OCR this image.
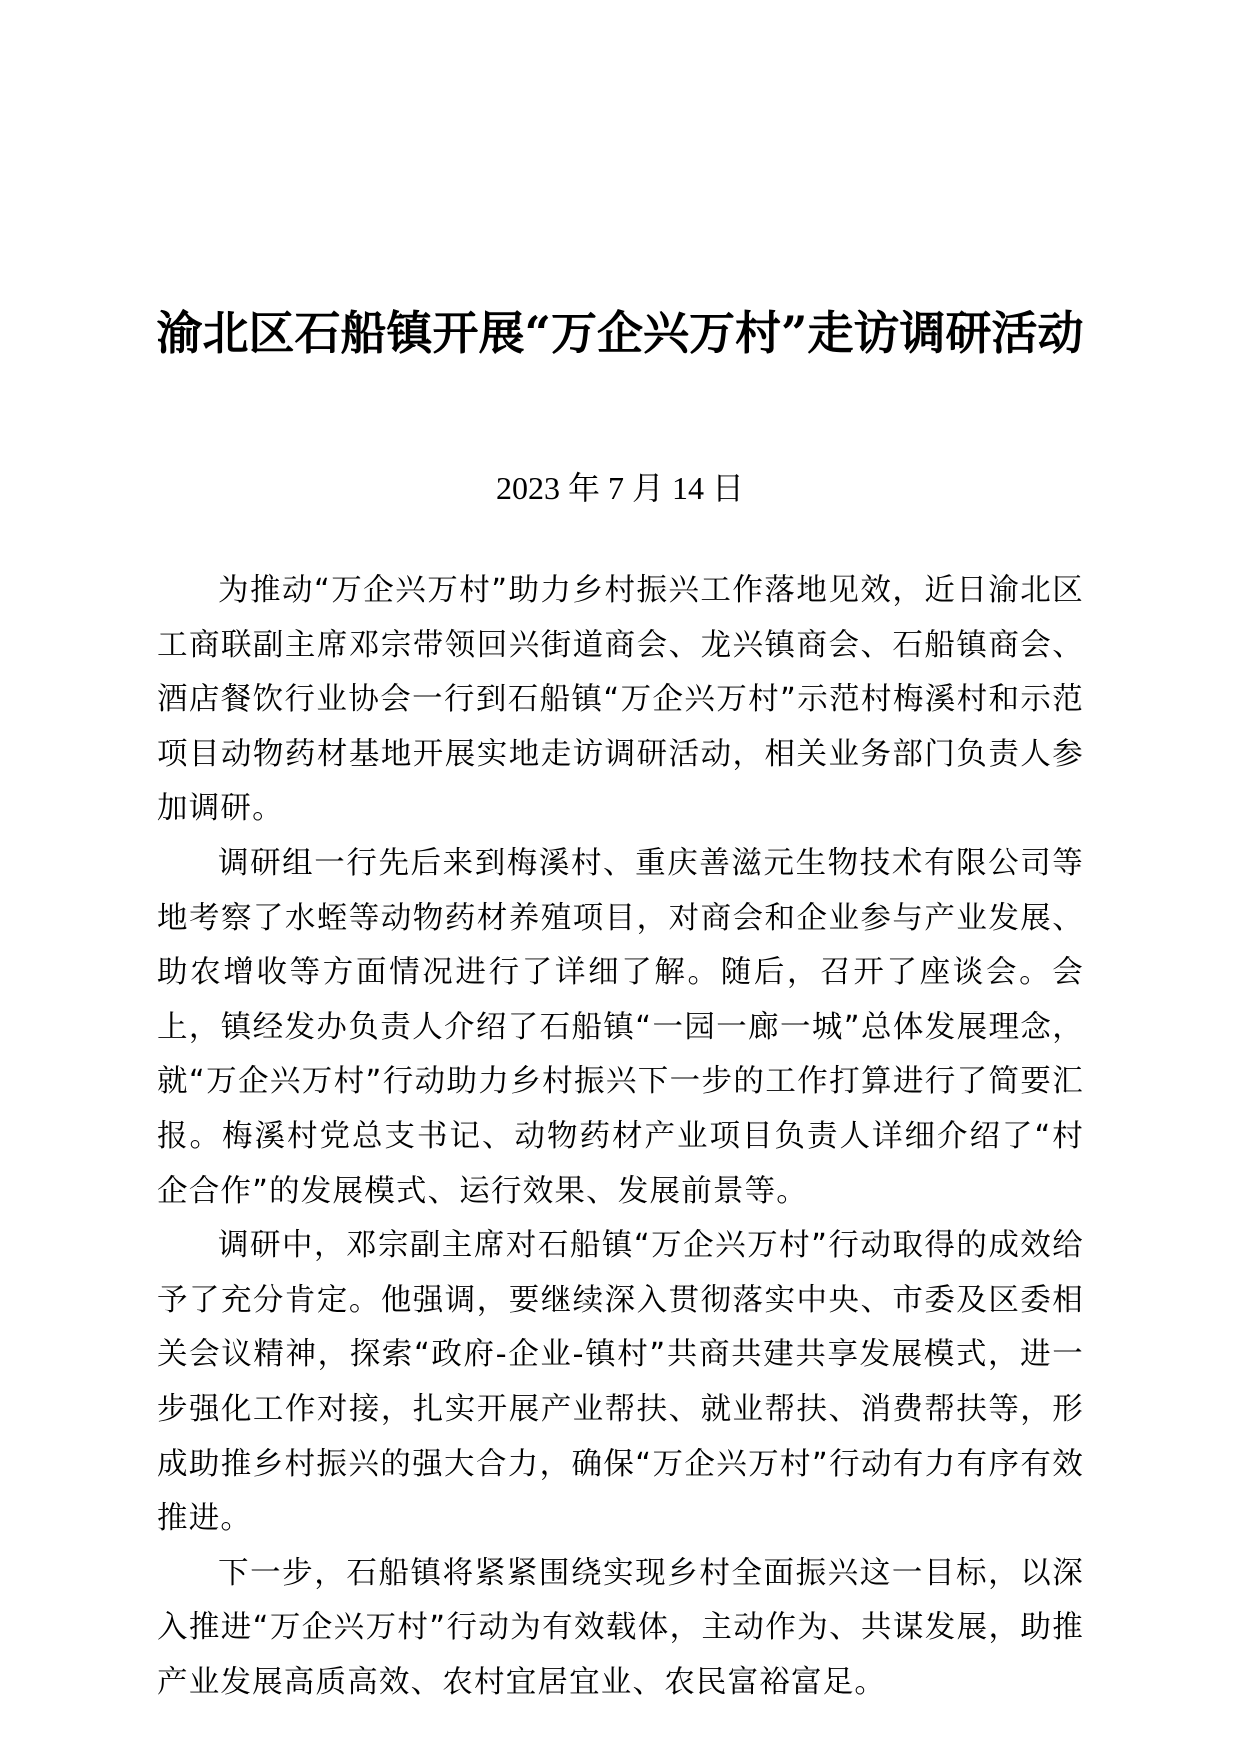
渝北区石船镇开展“万企兴万村”走访调研活动
2023 年 7 月 14 日

为推动“万企兴万村”助力乡村振兴工作落地见效，近日渝北区工商联副主席邓宗带领回兴街道商会、龙兴镇商会、石船镇商会、酒店餐饮行业协会一行到石船镇“万企兴万村”示范村梅溪村和示范项目动物药材基地开展实地走访调研活动，相关业务部门负责人参加调研。

调研组一行先后来到梅溪村、重庆善滋元生物技术有限公司等地考察了水蛭等动物药材养殖项目，对商会和企业参与产业发展、助农增收等方面情况进行了详细了解。随后，召开了座谈会。会上，镇经发办负责人介绍了石船镇“一园一廊一城”总体发展理念，就“万企兴万村”行动助力乡村振兴下一步的工作打算进行了简要汇报。梅溪村党总支书记、动物药材产业项目负责人详细介绍了“村企合作”的发展模式、运行效果、发展前景等。

调研中，邓宗副主席对石船镇“万企兴万村”行动取得的成效给予了充分肯定。他强调，要继续深入贯彻落实中央、市委及区委相关会议精神，探索“政府-企业-镇村”共商共建共享发展模式，进一步强化工作对接，扎实开展产业帮扶、就业帮扶、消费帮扶等，形成助推乡村振兴的强大合力，确保“万企兴万村”行动有力有序有效推进。

下一步，石船镇将紧紧围绕实现乡村全面振兴这一目标，以深入推进“万企兴万村”行动为有效载体，主动作为、共谋发展，助推产业发展高质高效、农村宜居宜业、农民富裕富足。
